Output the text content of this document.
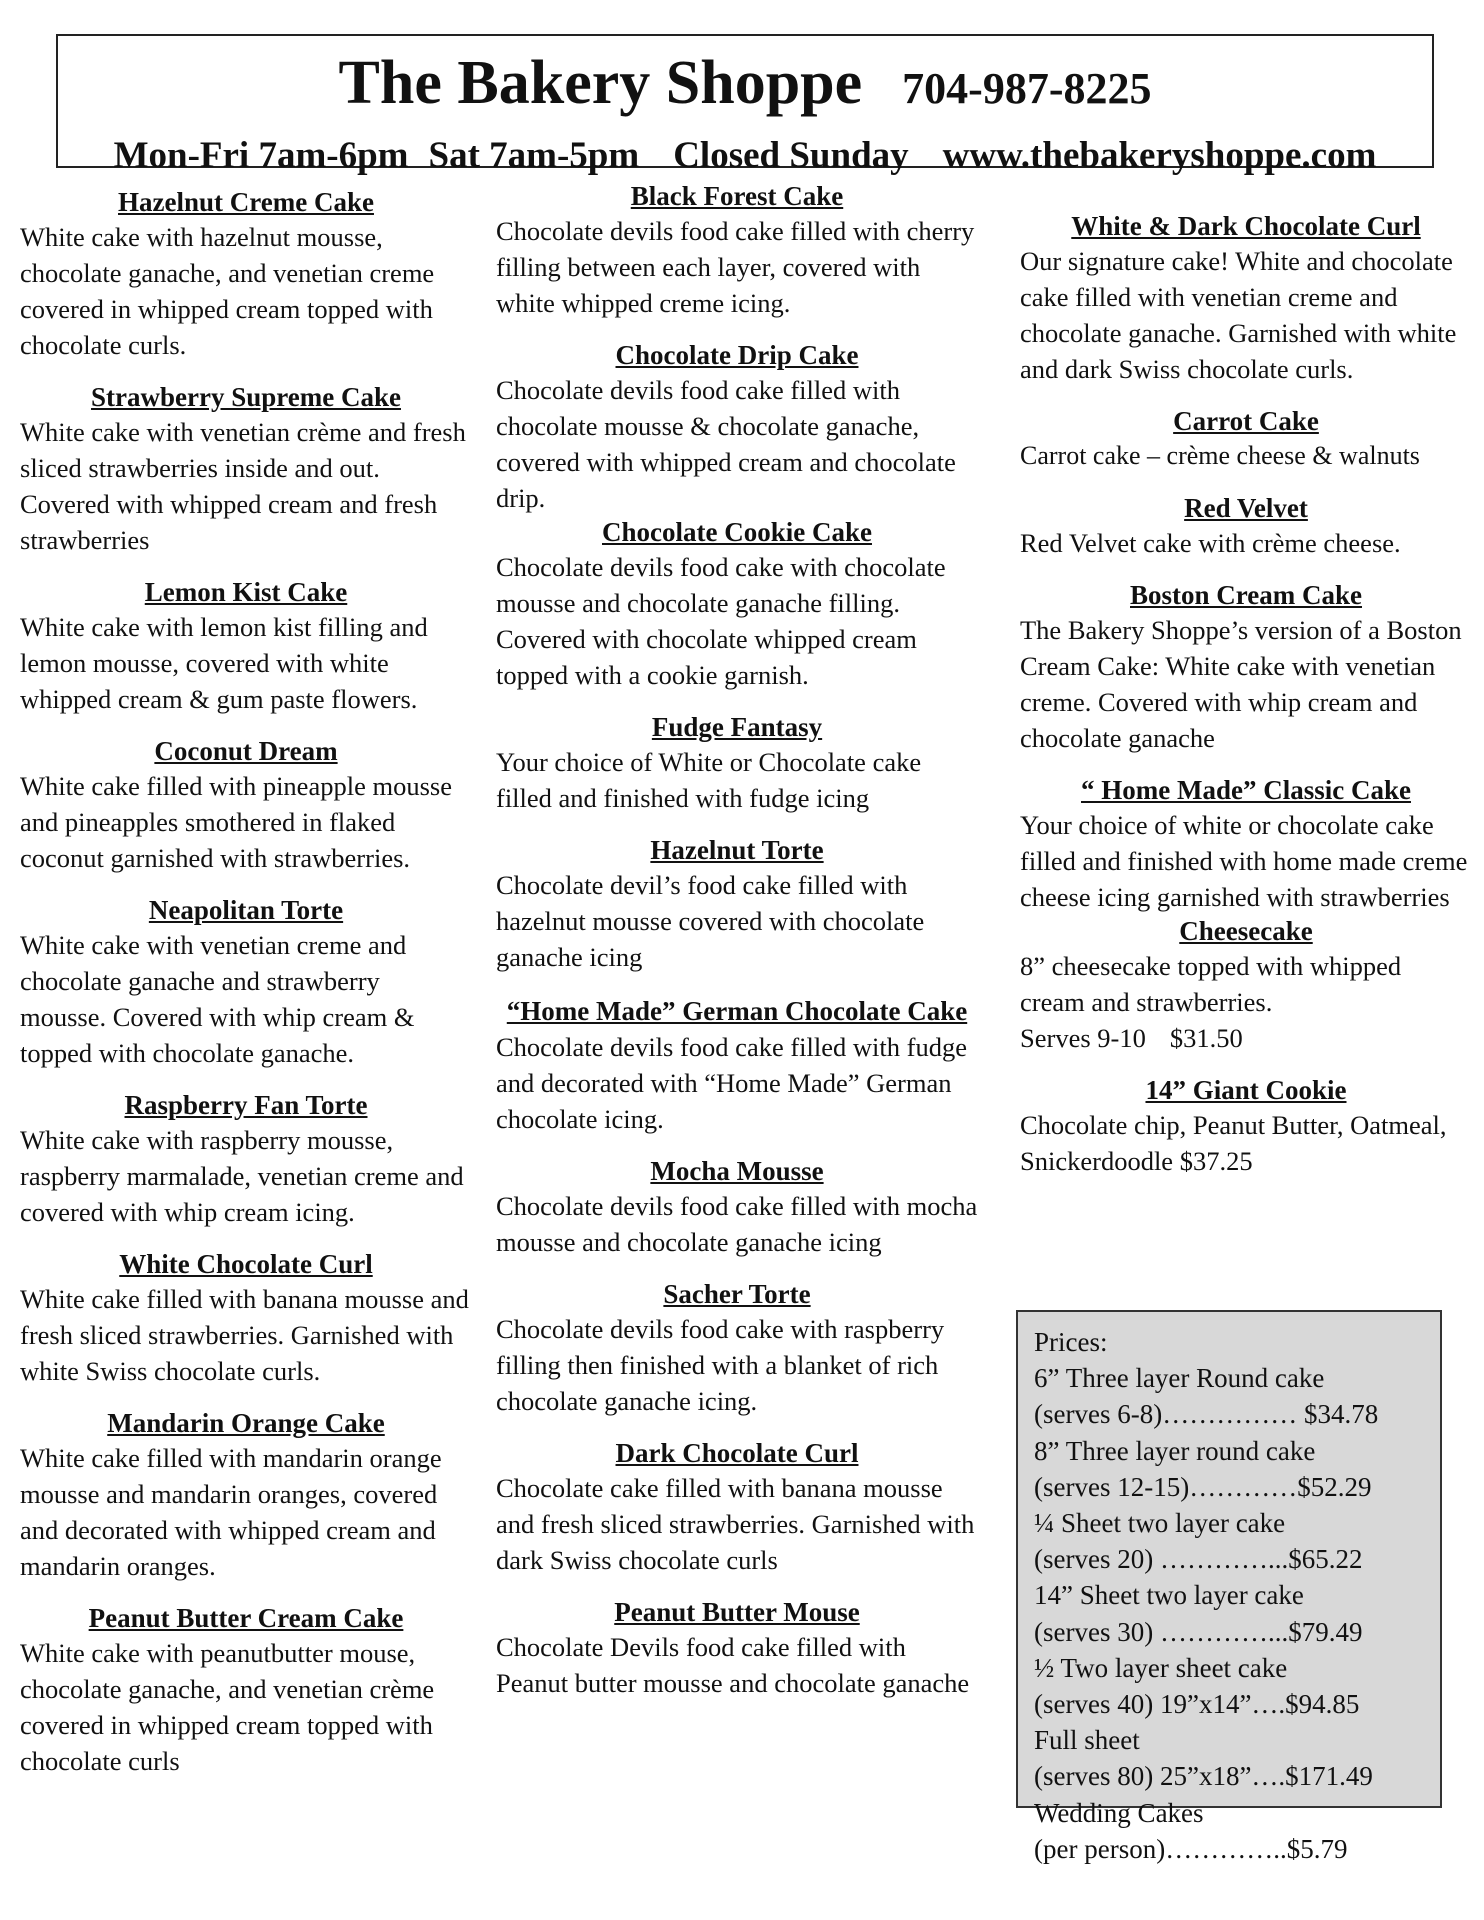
The Bakery Shoppe 704-987-8225
Mon-Fri 7am-6pm Sat 7am-5pm Closed Sunday www.thebakeryshoppe.com
Hazelnut Creme Cake

White cake with hazelnut mousse, chocolate ganache, and venetian creme covered in whipped cream topped with chocolate curls.

Strawberry Supreme Cake

White cake with venetian crème and fresh sliced strawberries inside and out. Covered with whipped cream and fresh strawberries

Lemon Kist Cake

White cake with lemon kist filling and lemon mousse, covered with white whipped cream & gum paste flowers.

Coconut Dream

White cake filled with pineapple mousse and pineapples smothered in flaked coconut garnished with strawberries.

Neapolitan Torte

White cake with venetian creme and chocolate ganache and strawberry mousse. Covered with whip cream & topped with chocolate ganache.

Raspberry Fan Torte

White cake with raspberry mousse, raspberry marmalade, venetian creme and covered with whip cream icing.

White Chocolate Curl

White cake filled with banana mousse and fresh sliced strawberries. Garnished with white Swiss chocolate curls.

Mandarin Orange Cake

White cake filled with mandarin orange mousse and mandarin oranges, covered and decorated with whipped cream and mandarin oranges.

Peanut Butter Cream Cake

White cake with peanutbutter mouse, chocolate ganache, and venetian crème covered in whipped cream topped with chocolate curls

Black Forest Cake

Chocolate devils food cake filled with cherry filling between each layer, covered with white whipped creme icing.

Chocolate Drip Cake

Chocolate devils food cake filled with chocolate mousse & chocolate ganache, covered with whipped cream and chocolate drip.

Chocolate Cookie Cake

Chocolate devils food cake with chocolate mousse and chocolate ganache filling. Covered with chocolate whipped cream topped with a cookie garnish.

Fudge Fantasy

Your choice of White or Chocolate cake filled and finished with fudge icing

Hazelnut Torte

Chocolate devil’s food cake filled with hazelnut mousse covered with chocolate ganache icing

“Home Made” German Chocolate Cake

Chocolate devils food cake filled with fudge and decorated with “Home Made” German chocolate icing.

Mocha Mousse

Chocolate devils food cake filled with mocha mousse and chocolate ganache icing

Sacher Torte

Chocolate devils food cake with raspberry filling then finished with a blanket of rich chocolate ganache icing.

Dark Chocolate Curl

Chocolate cake filled with banana mousse and fresh sliced strawberries. Garnished with dark Swiss chocolate curls

Peanut Butter Mouse

Chocolate Devils food cake filled with Peanut butter mousse and chocolate ganache

White & Dark Chocolate Curl

Our signature cake! White and chocolate cake filled with venetian creme and chocolate ganache. Garnished with white and dark Swiss chocolate curls.

Carrot Cake

Carrot cake – crème cheese & walnuts

Red Velvet

Red Velvet cake with crème cheese.

Boston Cream Cake

The Bakery Shoppe’s version of a Boston Cream Cake: White cake with venetian creme. Covered with whip cream and chocolate ganache

“ Home Made” Classic Cake

Your choice of white or chocolate cake filled and finished with home made creme cheese icing garnished with strawberries

Cheesecake

8” cheesecake topped with whipped cream and strawberries.

Serves 9-10 $31.50

14” Giant Cookie

Chocolate chip, Peanut Butter, Oatmeal, Snickerdoodle $37.25

Prices:
6” Three layer Round cake
(serves 6-8)…………… $34.78
8” Three layer round cake
(serves 12-15)…………$52.29
¼ Sheet two layer cake
(serves 20) …………...$65.22
14” Sheet two layer cake
(serves 30) …………...$79.49
½ Two layer sheet cake
(serves 40) 19”x14”….$94.85
Full sheet
(serves 80) 25”x18”….$171.49
Wedding Cakes
(per person)…………..$5.79
